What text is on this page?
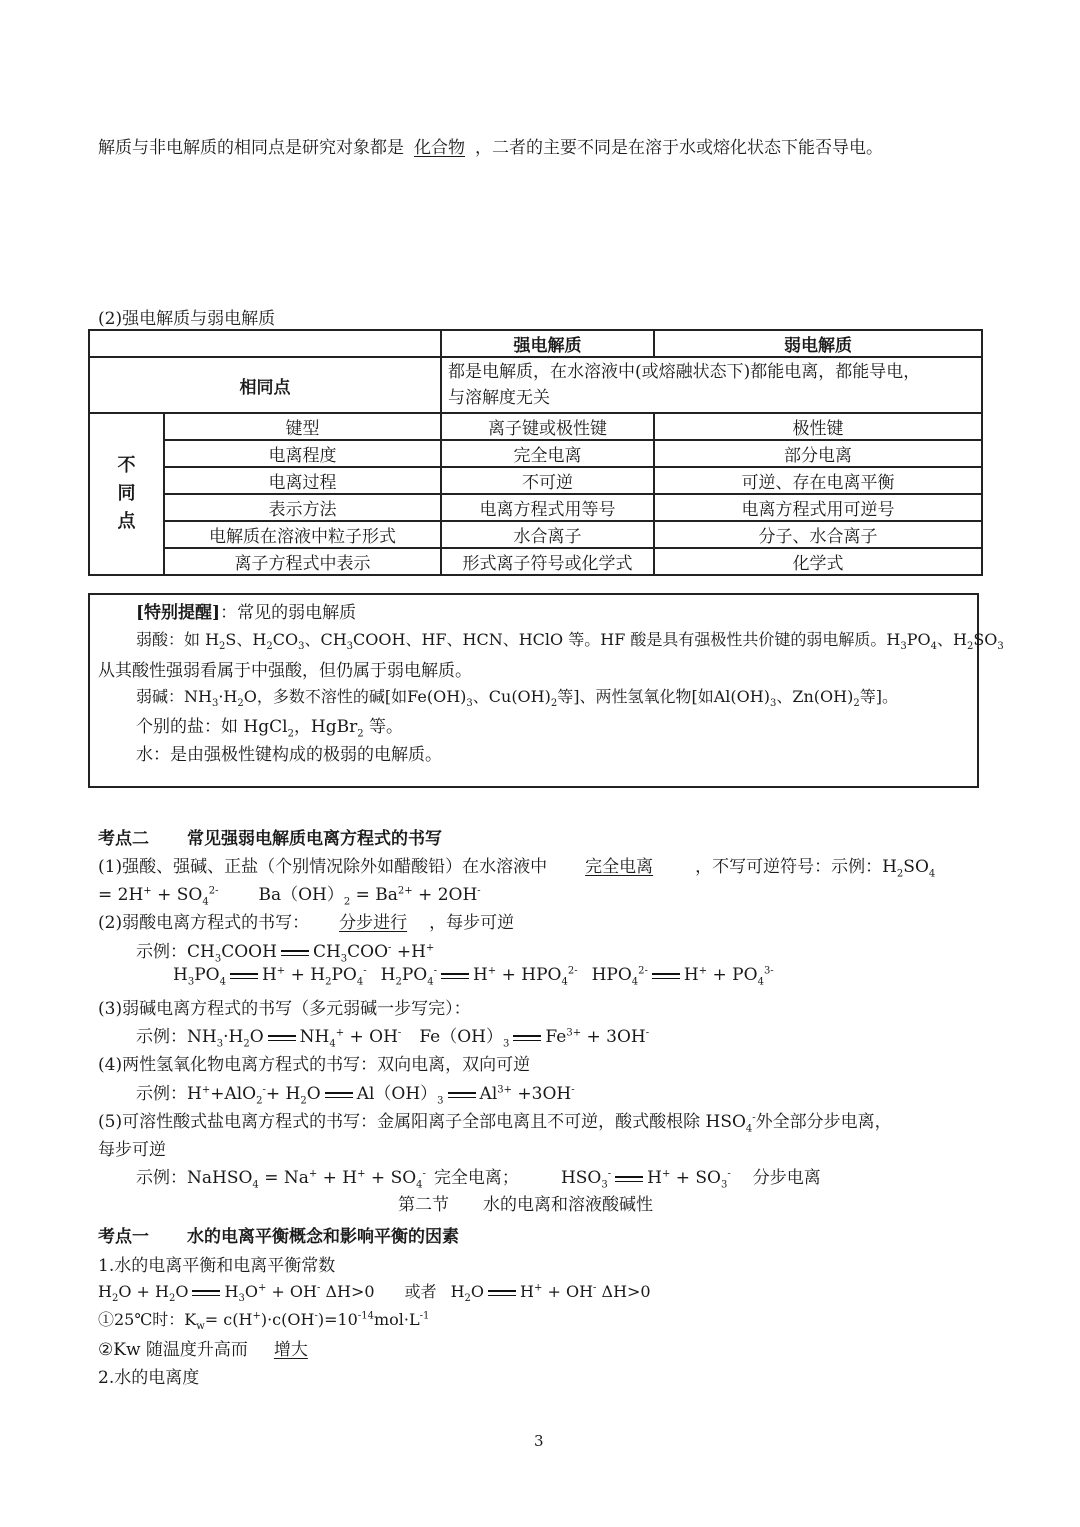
解质与非电解质的相同点是研究对象都是 化合物 ，二者的主要不同是在溶于水或熔化状态下能否导电。
(2)强电解质与弱电解质
		强电解质	弱电解质
相同点		都是电解质，在水溶液中(或熔融状态下)都能电离，都能导电，
与溶解度无关	
不
同
点	键型	离子键或极性键	极性键
	电离程度	完全电离	部分电离
	电离过程	不可逆	可逆、存在电离平衡
	表示方法	电离方程式用等号	电离方程式用可逆号
	电解质在溶液中粒子形式	水合离子	分子、水合离子
	离子方程式中表示	形式离子符号或化学式	化学式
[特别提醒]：常见的弱电解质
弱酸：如 $H_2S$、$H_2CO_3$、$CH_3COOH$、HF、HCN、HClO 等。HF 酸是具有强极性共价键的弱电解质。$H_3PO_4$、$H_2SO_3$
从其酸性强弱看属于中强酸，但仍属于弱电解质。
弱碱：$NH_3\cdot H_2O$，多数不溶性的碱[如$Fe(OH)_3$、$Cu(OH)_2$等]、两性氢氧化物[如$Al(OH)_3$、$Zn(OH)_2$等]。
个别的盐：如 HgCl$_2$，HgBr$_2$ 等。
水：是由强极性键构成的极弱的电解质。
考点二 常见强弱电解质电离方程式的书写
(1)强酸、强碱、正盐（个别情况除外如醋酸铅）在水溶液中 完全电离 ，不写可逆符号：示例：$H_2SO_4$
= $2H^+ + SO_4^{2-}$ $Ba(OH)_2 = Ba^{2+} + 2OH^-$
(2)弱酸电离方程式的书写： 分步进行 ，每步可逆
示例：$CH_3COOH$ $CH_3COO^- +H^+$
$H_3PO_4$ $H^+ + H_2PO_4^-$ $H_2PO_4^-$ $H^+ + HPO_4^{2-}$ $HPO_4^{2-}$ $H^+ + PO_4^{3-}$
(3)弱碱电离方程式的书写（多元弱碱一步写完）：
示例：$NH_3\cdot H_2O$ $NH_4^+ + OH^-$ $Fe(OH)_3$ $Fe^{3+} + 3OH^-$
(4)两性氢氧化物电离方程式的书写：双向电离，双向可逆
示例：$H^++AlO_2^-+ H_2O$ $Al(OH)_3$ $Al^{3+} +3OH^-$
(5)可溶性酸式盐电离方程式的书写：金属阳离子全部电离且不可逆，酸式酸根除 $HSO_4^-$外全部分步电离，
每步可逆
示例：NaHSO$_4$ = $Na^+ + H^+ + SO_4^-$ 完全电离； $HSO_3^-$ $H^+ + SO_3^-$ 分步电离
第二节　　水的电离和溶液酸碱性
考点一 水的电离平衡概念和影响平衡的因素
1.水的电离平衡和电离平衡常数
$H_2O + H_2O$ $H_3O^+ + OH^-$ ΔH>0 或者 $H_2O$ H+ + OH- ΔH>0
①25℃时：$K_w= c(H^+)\cdot c(OH^-)=10^{-14}mol\cdot L^{-1}$
②Kw 随温度升高而 增大
2.水的电离度
3
